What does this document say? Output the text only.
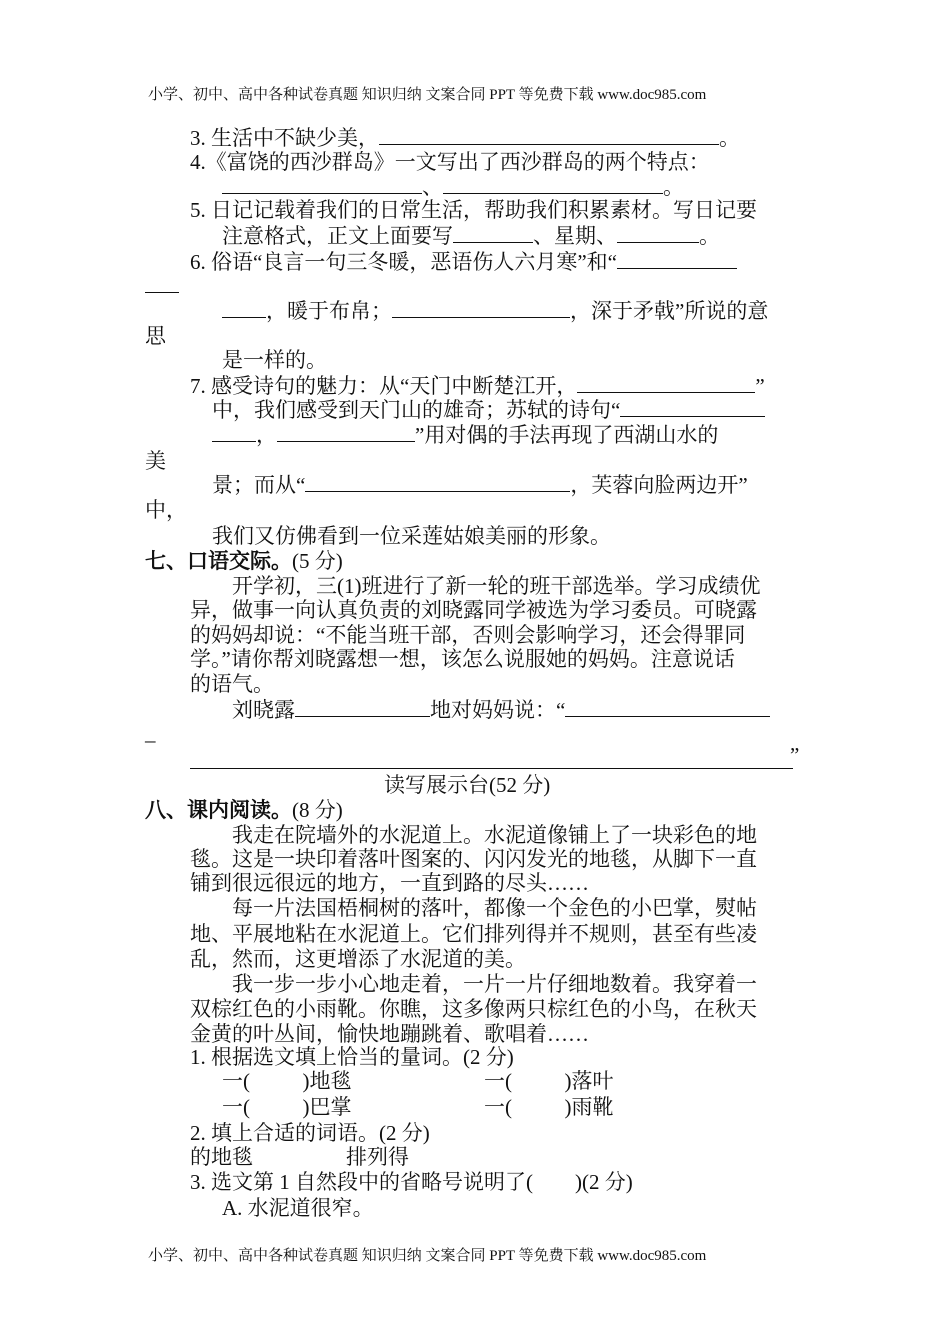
小学、初中、高中各种试卷真题 知识归纳 文案合同 PPT 等免费下载 www.doc985.com
3. 生活中不缺少美，	。
4.《富饶的西沙群岛》一文写出了西沙群岛的两个特点：
、	。
5. 日记记载着我们的日常生活，帮助我们积累素材。写日记要
注意格式，正文上面要写	、星期、	。
6. 俗语“良言一句三冬暖，恶语伤人六月寒”和“
，暖于布帛；	，深于矛戟”所说的意
思
是一样的。
7. 感受诗句的魅力：从“天门中断楚江开，	”
中，我们感受到天门山的雄奇；苏轼的诗句“
，	”用对偶的手法再现了西湖山水的
美
景；而从“	，芙蓉向脸两边开”
中，
我们又仿佛看到一位采莲姑娘美丽的形象。
七、口语交际。(5 分)
开学初，三(1)班进行了新一轮的班干部选举。学习成绩优
异，做事一向认真负责的刘晓露同学被选为学习委员。可晓露
的妈妈却说：“不能当班干部，否则会影响学习，还会得罪同
学。”请你帮刘晓露想一想，该怎么说服她的妈妈。注意说话
的语气。
刘晓露	地对妈妈说：“
–
”
读写展示台(52 分)
八、课内阅读。(8 分)
我走在院墙外的水泥道上。水泥道像铺上了一块彩色的地
毯。这是一块印着落叶图案的、闪闪发光的地毯，从脚下一直
铺到很远很远的地方，一直到路的尽头……
每一片法国梧桐树的落叶，都像一个金色的小巴掌，熨帖
地、平展地粘在水泥道上。它们排列得并不规则，甚至有些凌
乱，然而，这更增添了水泥道的美。
我一步一步小心地走着，一片一片仔细地数着。我穿着一
双棕红色的小雨靴。你瞧，这多像两只棕红色的小鸟，在秋天
金黄的叶丛间，愉快地蹦跳着、歌唱着……
1. 根据选文填上恰当的量词。(2 分)
一(          )地毯	一(          )落叶
一(          )巴掌	一(          )雨靴
2. 填上合适的词语。(2 分)
的地毯	排列得
3. 选文第 1 自然段中的省略号说明了(        )(2 分)
A. 水泥道很窄。
小学、初中、高中各种试卷真题 知识归纳 文案合同 PPT 等免费下载 www.doc985.com
